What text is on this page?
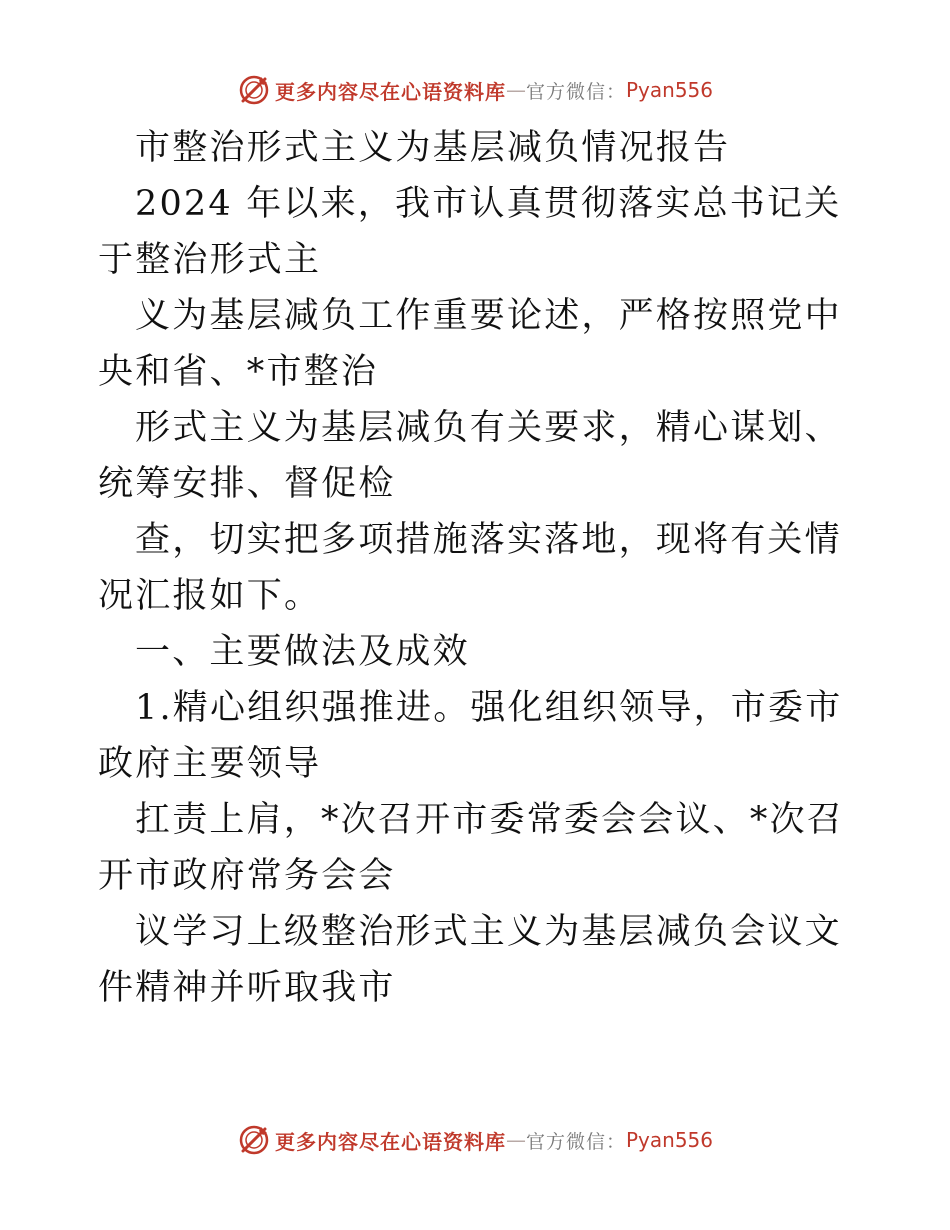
更多内容尽在心语资料库 — 官方微信： Pyan556

市整治形式主义为基层减负情况报告

2024 年以来，我市认真贯彻落实总书记关于整治形式主

义为基层减负工作重要论述，严格按照党中央和省、*市整治

形式主义为基层减负有关要求，精心谋划、统筹安排、督促检

查，切实把多项措施落实落地，现将有关情况汇报如下。

一、主要做法及成效

1.精心组织强推进。强化组织领导，市委市政府主要领导

扛责上肩，*次召开市委常委会会议、*次召开市政府常务会会

议学习上级整治形式主义为基层减负会议文件精神并听取我市

更多内容尽在心语资料库 — 官方微信： Pyan556
